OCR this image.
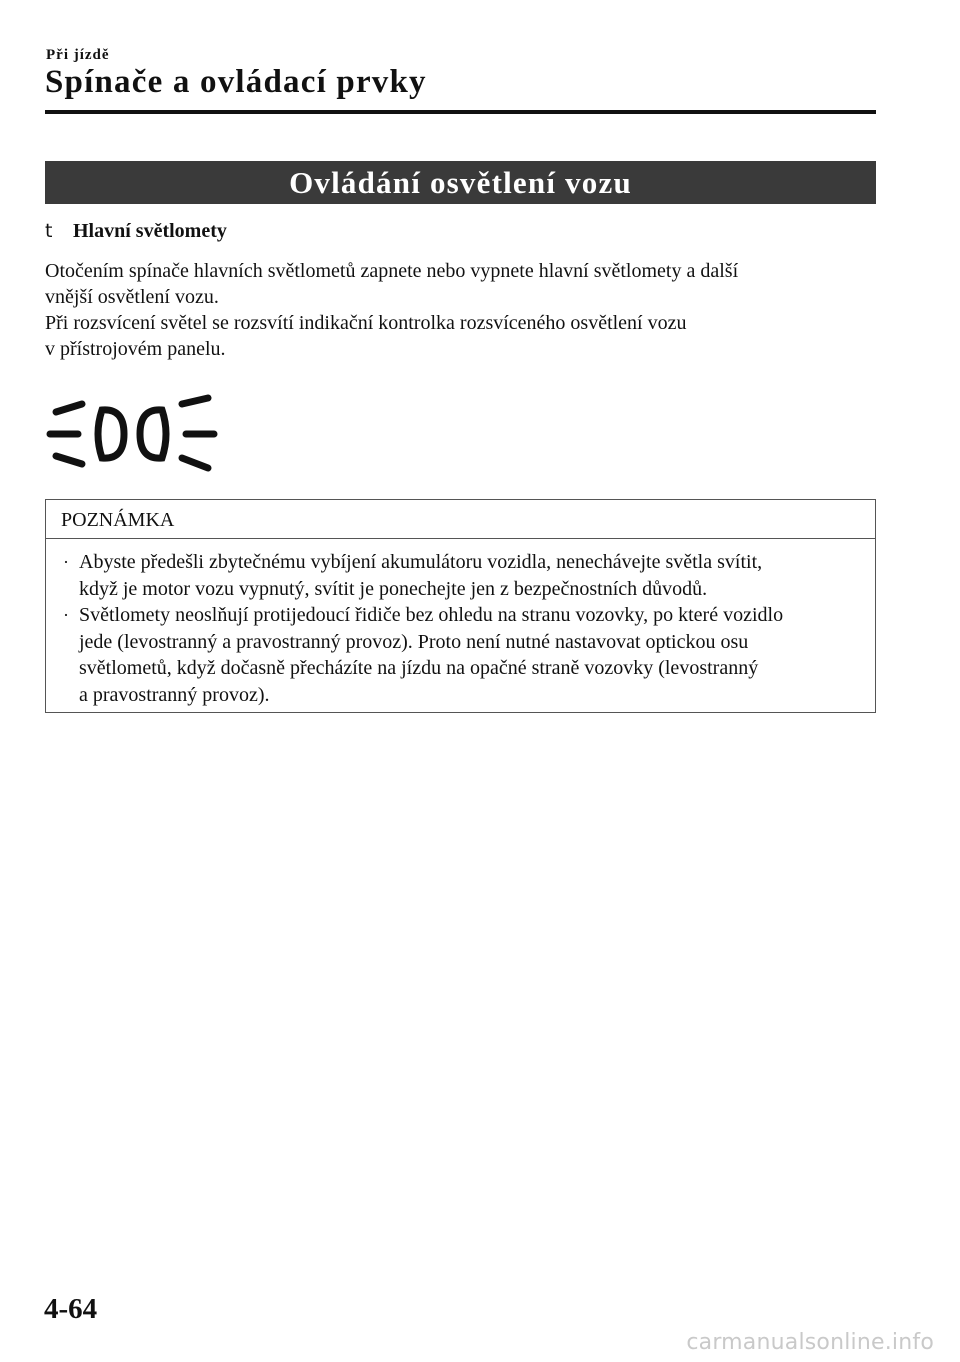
Při jízdě
Spínače a ovládací prvky
Ovládání osvětlení vozu
t Hlavní světlomety

Otočením spínače hlavních světlometů zapnete nebo vypnete hlavní světlomety a další

vnější osvětlení vozu.

Při rozsvícení světel se rozsvítí indikační kontrolka rozsvíceného osvětlení vozu

v přístrojovém panelu.

POZNÁMKA
· Abyste předešli zbytečnému vybíjení akumulátoru vozidla, nenechávejte světla svítit,
když je motor vozu vypnutý, svítit je ponechejte jen z bezpečnostních důvodů.
· Světlomety neoslňují protijedoucí řidiče bez ohledu na stranu vozovky, po které vozidlo
jede (levostranný a pravostranný provoz). Proto není nutné nastavovat optickou osu
světlometů, když dočasně přecházíte na jízdu na opačné straně vozovky (levostranný
a pravostranný provoz).
4-64
carmanualsonline.info
